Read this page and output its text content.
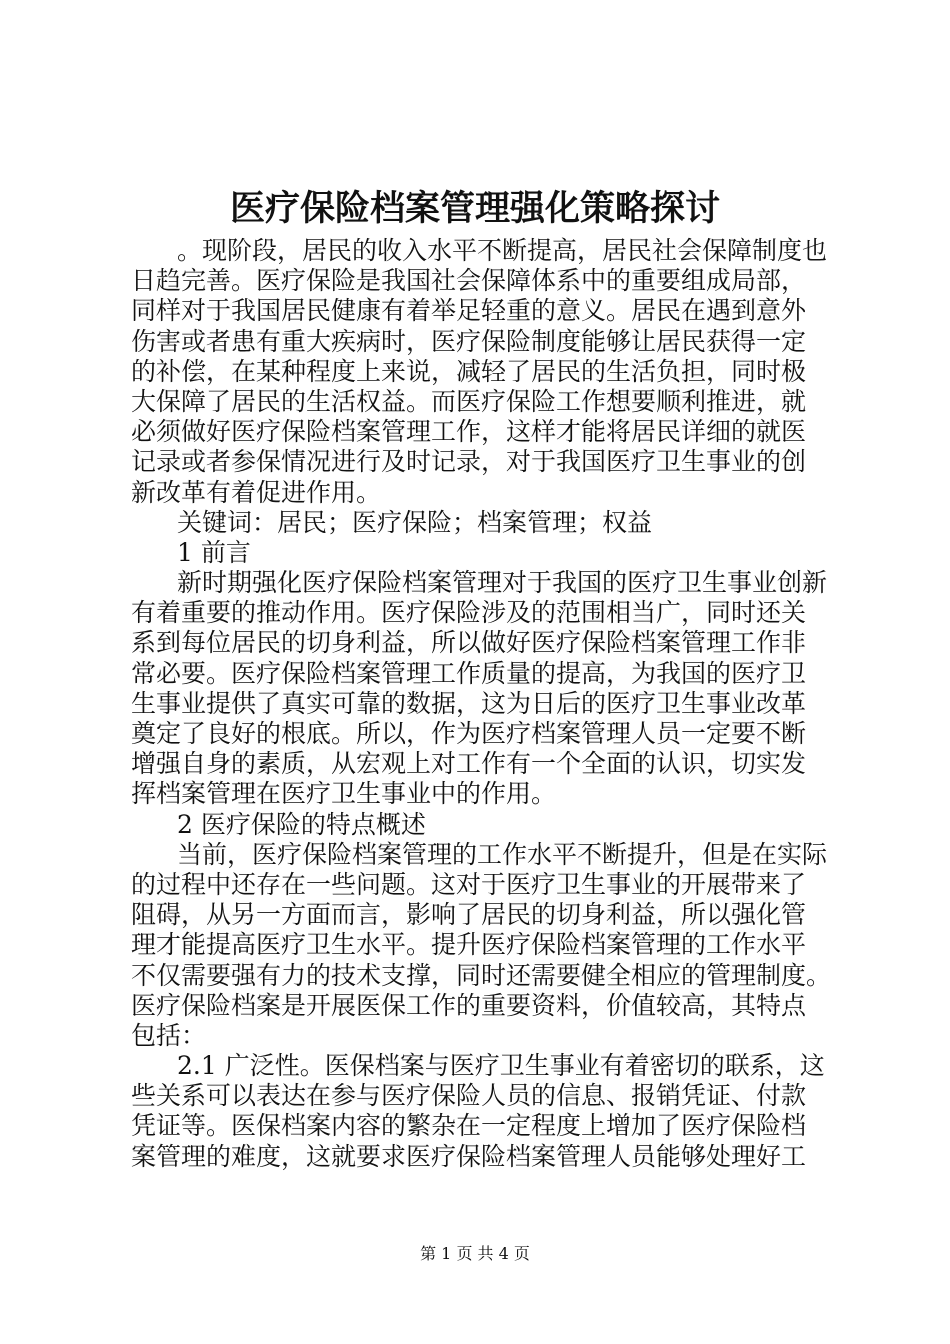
医疗保险档案管理强化策略探讨
。现阶段，居民的收入水平不断提高，居民社会保障制度也
日趋完善。医疗保险是我国社会保障体系中的重要组成局部，
同样对于我国居民健康有着举足轻重的意义。居民在遇到意外
伤害或者患有重大疾病时，医疗保险制度能够让居民获得一定
的补偿，在某种程度上来说，减轻了居民的生活负担，同时极
大保障了居民的生活权益。而医疗保险工作想要顺利推进，就
必须做好医疗保险档案管理工作，这样才能将居民详细的就医
记录或者参保情况进行及时记录，对于我国医疗卫生事业的创
新改革有着促进作用。
关键词：居民；医疗保险；档案管理；权益
1 前言
新时期强化医疗保险档案管理对于我国的医疗卫生事业创新
有着重要的推动作用。医疗保险涉及的范围相当广，同时还关
系到每位居民的切身利益，所以做好医疗保险档案管理工作非
常必要。医疗保险档案管理工作质量的提高，为我国的医疗卫
生事业提供了真实可靠的数据，这为日后的医疗卫生事业改革
奠定了良好的根底。所以，作为医疗档案管理人员一定要不断
增强自身的素质，从宏观上对工作有一个全面的认识，切实发
挥档案管理在医疗卫生事业中的作用。
2 医疗保险的特点概述
当前，医疗保险档案管理的工作水平不断提升，但是在实际
的过程中还存在一些问题。这对于医疗卫生事业的开展带来了
阻碍，从另一方面而言，影响了居民的切身利益，所以强化管
理才能提高医疗卫生水平。提升医疗保险档案管理的工作水平
不仅需要强有力的技术支撑，同时还需要健全相应的管理制度。
医疗保险档案是开展医保工作的重要资料，价值较高，其特点
包括：
2.1 广泛性。医保档案与医疗卫生事业有着密切的联系，这
些关系可以表达在参与医疗保险人员的信息、报销凭证、付款
凭证等。医保档案内容的繁杂在一定程度上增加了医疗保险档
案管理的难度，这就要求医疗保险档案管理人员能够处理好工
第 1 页 共 4 页
